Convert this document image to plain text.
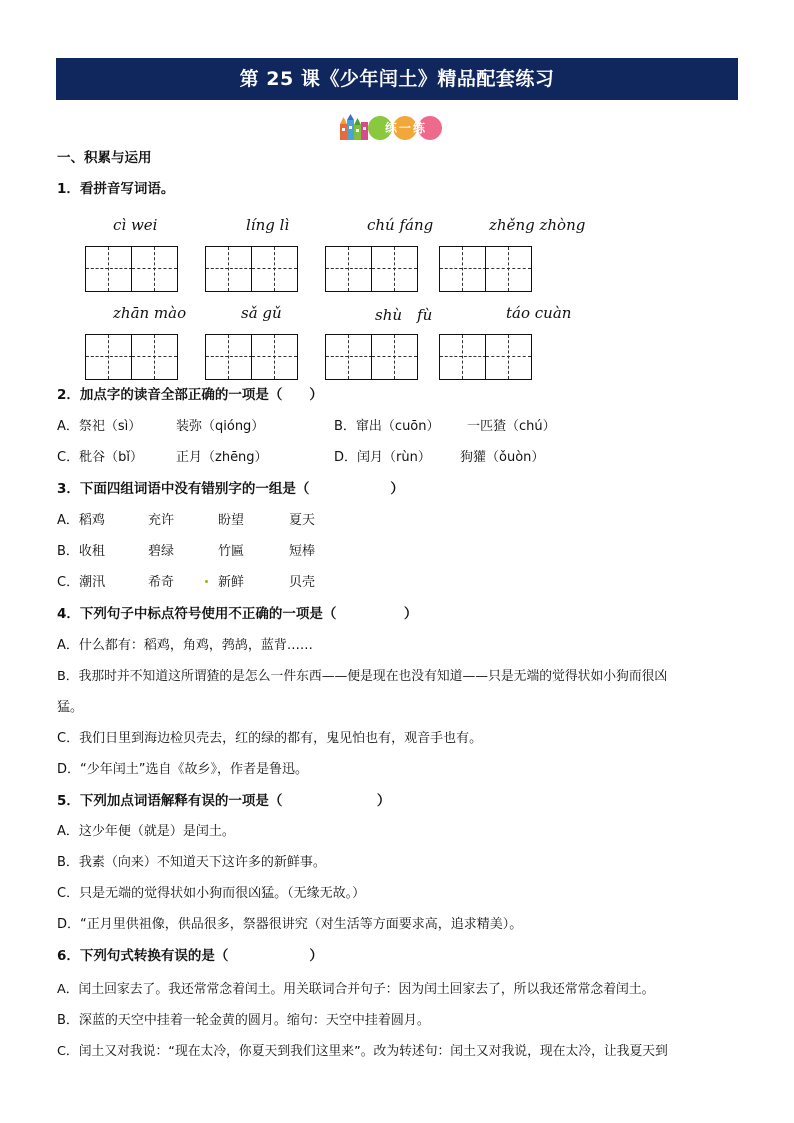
第 25 课《少年闰土》精品配套练习
练一练
一、积累与运用
1．看拼音写词语。
cì wei	líng lì	chú fáng	zhěng zhòng
zhān mào	sǎ gǔ	shù　fù	táo cuàn
2．加点字的读音全部正确的一项是（　　）
A．祭祀（sì）	装弥（qióng）	B．窜出（cuōn） 一匹猹（chú）
C．秕谷（bǐ）	正月（zhēng）	D．闰月（rùn） 狗獾（ǒuòn）
3．下面四组词语中没有错别字的一组是（　　　　　　）
A．稻鸡	充许	盼望	夏天
B．收租	碧绿	竹匾	短棒
C．潮汛	希奇	新鲜	贝壳
4．下列句子中标点符号使用不正确的一项是（　　　　　）
A．什么都有：稻鸡，角鸡，鹁鸪，蓝背……
B．我那时并不知道这所谓猹的是怎么一件东西——便是现在也没有知道——只是无端的觉得状如小狗而很凶
猛。
C．我们日里到海边检贝壳去，红的绿的都有，鬼见怕也有，观音手也有。
D．“少年闰土”选自《故乡》，作者是鲁迅。
5．下列加点词语解释有误的一项是（　　　　　　　）
A．这少年便（就是）是闰土。
B．我素（向来）不知道天下这许多的新鲜事。
C．只是无端的觉得状如小狗而很凶猛。（无缘无故。）
D．“正月里供祖像，供品很多，祭器很讲究（对生活等方面要求高，追求精美）。
6．下列句式转换有误的是（　　　　　　）
A．闰土回家去了。我还常常念着闰土。用关联词合并句子：因为闰土回家去了，所以我还常常念着闰土。
B．深蓝的天空中挂着一轮金黄的圆月。缩句：天空中挂着圆月。
C．闰土又对我说：“现在太冷，你夏天到我们这里来”。改为转述句：闰土又对我说，现在太冷，让我夏天到
